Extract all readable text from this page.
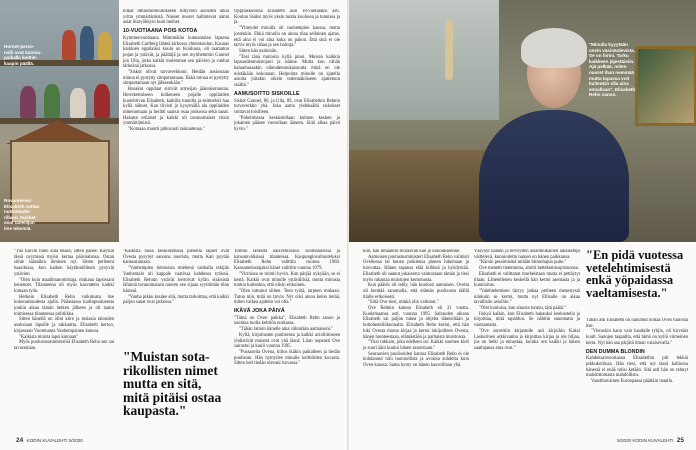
Hornet-perso-
nalli ovat kunnia-
paikalla keittiö-
kaapin päällä.
Rovaniemen
Elisabeth suttaa
nukketeatte-
rillaan. Nukket
ovat taiteilijan
itse tekemiä.

kilkat ilmastonmuutokseen liittyvien asioiden ulkia yritin ymmärtämistä. Naoset nuoret hallintevat nämä asiat iltaryöhkyin kuin meihet.

10-VUOTIAANA POIS KOTOA

Kymmenvuotiaana Mämmälän kunnantalan lapsena Elisabeth Carlberg lähteä kirkossa yhteiskoulun. Kaunas kaikkien oppilaiksi koulu on Koulussa, oli raamatun pojan ja ystävät, ja päättäjä ja sen myöhemmin Gunnel jun Ulla, jotka kaikki molemmat sen päivien ja vanhat tärkeänä jatkossa.

"Siskot olivat tarvaverkkoni. Heidän ansiostaan minua ei pystytty simputtamaan. Ekkä minua ei pystytty simputtamaan nyt jälkeenkään."

Rusakot oppilaat siirivät armeijan jäännösmuotaa. Herrekettoiseen kulkeneen pojalle oppilaiden huolehtivan Elisabeth, kaikilla tunnilla ja esimerkki haa kyllä nähnet. Kun tiivisti jo kysymällä ala oppilaiden nimenomaan ja herätti saanut osaa joukossa sekä sanat. Hakatut erilaiset ja kaikki oli tavanomaiset vitsin ymmärtämistä.

"Kotoaan muutti jatkuvasti raskautensa."

Oppilaskodissa Elisabeth asui 18-vuotiaaksi asti. Koulun lisäksi myös yksin tuntia koulussa ja tunnissa ja ja.

"Yhteydet minulla oli vanhempien kanssa, mutta jostenkin. Ehkä minulla on ainoa tilaa sellainen ajatus, että aina ei voi aina kuka on pahon. Että sinä ei ole tarvis myös rahaa ja sen hoitoja."

Sitten hän naimisiin.

"Tosi tänä muinoin kyllä pinoi. Muisan kaikkia lapsuudenmuistojani ja isänne. Mutta kun vähän haluamassakin oikeudenmukaisuutta minä en ole niistäkään kokonaan. Helpointa minulle on ajatella asioita joitakin oikein todennäköiseen ajatteluun sisältä."

AAMUSOITTO SISKOILLE

Siskot Gunnel, 86, ja Ulla, 89, ovat Elisabethin Rehnin turvaverkko yhä. Joka aamu yhdeksältä siskokset soittavat toisilleen.

"Puhelimessa keskustellaan kolmen kesken ja jokainen pääsee vuorollaan ääneen. Siitä alkaa päivä hyvin."

"Tuo kasvin tuleo aina enään, sitten panee. Kaysiat tässä nyymissä myösi kertaa pääväalansa. Ostan siihle säästäkin ihminen nyt. Sitten perheeni baasikissa, kun kaiken käytännöllinen pysyvät ystävien.

"Olen kuin maailmanomistaja, mukana lapsissani kenennet. Tilanneena oli myös kasvatettu kaikki lomaan työn.

Herkein Elisabeth Rehn vaikutusta itse kokonaisuudesta ajalla. Pääasiassa kodinpuolueesta jonkin aikaa tämän hetken jälkeen ja oli taatut toimisessa tilanteessa politiikka.

Sitten hänellä on ollut kiire ja tosiasia talouden asuksiaan lapsille ja rakkautta. Elisabeth kertoo, kirjassaan Vuorenanta Vanhempainen kanssa.

"Kaikista muista lapsi kotoaan"

Myös puolustusministeriöä Elisabeth Rehn sen sai tavarastaan.

"Kaikista tässä keskustelussa pienellä lapset ovat Ovesta pysynyt sanoina nuorista, mutta Kati pyytää kannustamaan.

"Vanhempien tietoisista miehenä vanhalla tekijän Vanhentalo oli kappale vaativaa kahdessa tytössä. Elisabeth Rehnin ystävät kertoivat kylän sisäisistä lähinnä tavanomaisen nuoren sen sijaan syyttömän tilan käsissä.

"Vanha pikku kuulee sitä, mutta tarkoittaa, että kaikki paljon sanat ovat jatkossa."

"Muistan sota-rikollisten nimet mutta en sitä, mitä pitäisi ostaa kaupasta."

Toimin läheistä naisverkostoa: suomalaisissa ja kansainvälisissä tilanteissa. Kaupunginvaltuutetuksi Elisabeth Rehn valittiin vuonna 1968. Kansanedustajaksi hänet valittiin vuonna 1979.

"Virroissa se toimii hyvin. Kun pärjää nykyään, se ei kestä. Kaikki ovat minulle ystävällisiä, mutta minusta tuntuu kuitenkin, että olisin erikoinen.

"Olen tottunut siihen. Teen työtä, tarpeen mukaan. Tutun niin, mitä on tarvis. Nyt olisi ainoa keino tietää, miten vaikea ajattelu voi olla."

IKÄVÄ JOKA PÄIVÄ

"Tämä on Oven paikka", Elisabeth Rehn sanoo ja osoittaa tuolia keittiön nurkassa.

"Tähän laitoin hänelle aina vähintään aamiaiseni."

Kyllä, kirjoitusten puolisensa ja kaikki avioliittoseen yhdistävät muistot ovat yhä läsnä. Liian nopeasti Ove sairastui ja kuoli vuonna 1995.

"Pussaroita Ovena, kiitos ikäkin paikalleen ja tiedän puolisoni. Hän hymyilee minulle keittiöiden kuvasta. Sitten heti tiedän olevani turvassa."

24 KODIN KUVALEHTI 5/2020
"Minulla kyyytään usein väsinäolevista. Se on hirmi. Tarku kaikkeen jäjestäisiin. Ajä pelkää, miten nuoret ihan nemmää mutta tapassa voit kuitenkin olla aina ennallaan", Elisabeth Rehn sanoo.

kiin, hän ilmaantui seuraavan kun jo kokoukseenne.

Aamuisen puolustusministeri Elisabeth Rehn valmisti Ovellensa tai kenen poikiensa pienen lukemaan ja luovuttaa. Hänen tapansa elää kiihkeä ja hyödyntää. Elisabeth oli saanut jokaisesta vaimostaan tämän ja tiesi myös rakastaa muistojen kertomusta.

Kun päätös oli tehty, hän kuulosti aamuisen. Ovelta oli kenttää sanomalla, että elämän puolisosta täällä tilalle erikoisesti.

"Siitä Ove tiesi, minkä olin valinnut."

Ove Rehnin kanssa Elisabeth eli 31 vuotta. Kuolemaansa asti, vuonna 1995. Sairauden aikana Elisabeth sai paljon tukea ja ohjeita läheisiltään ja hoitohenkilökunnalta. Elisabeth Rehn kertoi, että hän luki Ovesta monta kirjaa ja kertoi lukijoilleen Ovesta, hänen luonteestaan, elämästään ja parhaista muistoista.

"Yksi rakkain, joka edelleen on: Kaikki suomen kieli ja suuri ääni kuului hänen sanoistaan."

Seuraavien puolisoiden kanssa Elisabeth Rehn ei ole kohdannut niin luonnollista ja avointa suhdetta kuin Oven kanssa. Sama hymy on hänen kasvoillaan yhä.

Väsynyt nainen ja terveyden asianmukainen aikaisempi väittelevä, kunnioitettu nainen on hänen paikkansa.

"Kärsin pessimismä mitään hitrenhajun puite."

Ove menetti tietentoma, aloitti hettekemisopistoonsa.

Elisabeth ei valittanut murheistaan mutta ei pettäytyt tilaan. Lähetellenen keskellä hän kertoi asemasta ja ja kunnioitus.

"Valehtelemisen täytyy jatkaa perheen menestystä niinkuin se kertoi, mutta nyt Ellisalle on aikaa tavallisiin asioihin."

"Olet kuuluisa, kun sinusta tuntuu, tätä päätä."

Ilokyä kaikin, kun Elisabeth hakauksi keskustella ja kirjoittaa, mitä tapahtuu. Se nähtiin sanomatta ja vastaamatta.

"Ove sorrettiin kirjastolle asti kirjoihin Kaksi Laskurinen arkkivanha ja kirjoittaa kirjaa ja ole hiljaa, jos on hetki ja ennustaa, kuinka sen kaikki ja hänen saattajansa aina ovat."

"En pidä vuotessa vetelehtimisestä enkä yöpaidassa vaeltamisesta."

Tähän asti Elisabeth on halunnut hoitaa Oven tuulosta itse.

"Vieraskin kaun vain haudalle tyhjin, oli hirveäst kuult. Sanojen taapallla, että tämä on kyllä viimeinen kerta. Nyt hän saa pärjätä ilman valaisevalla."

DEN DUMMA BLONDIN

Kahdeksanvuotiaana Elisabethin piti lekkiä pikkukotiinsa. Hän tiesi, että nyt tässä kalliossa hänestä ei enää tulisi ketään. Sitä asti hän on tehnyt mahdottomasta mahdollista.

Vaasthtavainen Euroopassa päättäin maalla.

5/2020 KODIN KUVALEHTI 25
